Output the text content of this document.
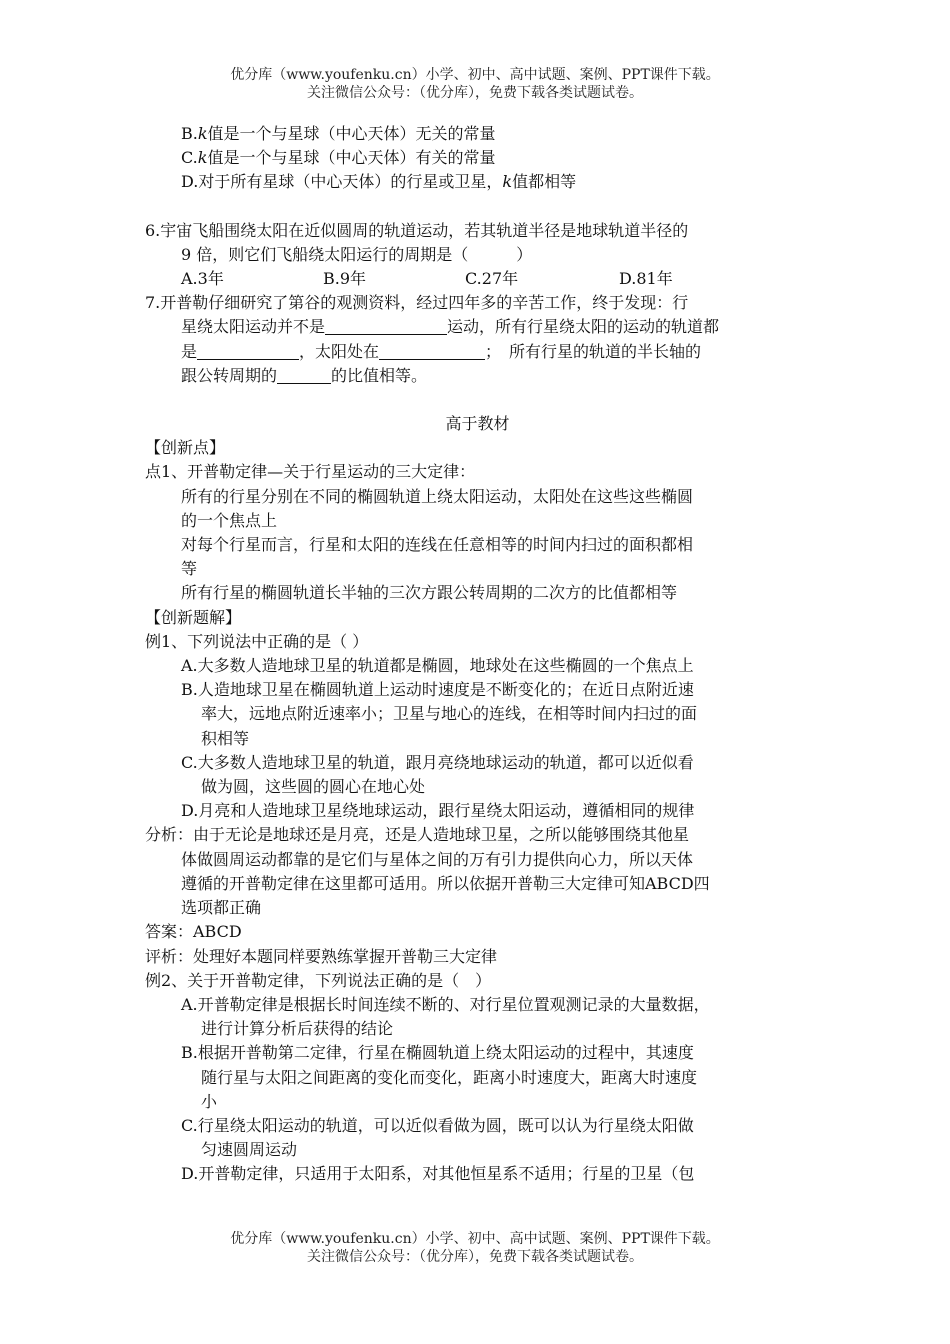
优分库（www.youfenku.cn）小学、初中、高中试题、案例、PPT课件下载。
关注微信公众号：（优分库），免费下载各类试题试卷。
B.k值是一个与星球（中心天体）无关的常量
C.k值是一个与星球（中心天体）有关的常量
D.对于所有星球（中心天体）的行星或卫星，k值都相等
6.宇宙飞船围绕太阳在近似圆周的轨道运动，若其轨道半径是地球轨道半径的
9 倍，则它们飞船绕太阳运行的周期是（　　　）
A.3年	B.9年	C.27年	D.81年
7.开普勒仔细研究了第谷的观测资料，经过四年多的辛苦工作，终于发现：行
星绕太阳运动并不是	运动，所有行星绕太阳的运动的轨道都
是	，太阳处在	；　所有行星的轨道的半长轴的
跟公转周期的	的比值相等。
高于教材
【创新点】
点1、开普勒定律—关于行星运动的三大定律：
所有的行星分别在不同的椭圆轨道上绕太阳运动，太阳处在这些这些椭圆
的一个焦点上
对每个行星而言，行星和太阳的连线在任意相等的时间内扫过的面积都相
等
所有行星的椭圆轨道长半轴的三次方跟公转周期的二次方的比值都相等
【创新题解】
例1、下列说法中正确的是（ ）
A.大多数人造地球卫星的轨道都是椭圆，地球处在这些椭圆的一个焦点上
B.人造地球卫星在椭圆轨道上运动时速度是不断变化的；在近日点附近速
率大，远地点附近速率小；卫星与地心的连线，在相等时间内扫过的面
积相等
C.大多数人造地球卫星的轨道，跟月亮绕地球运动的轨道，都可以近似看
做为圆，这些圆的圆心在地心处
D.月亮和人造地球卫星绕地球运动，跟行星绕太阳运动，遵循相同的规律
分析：由于无论是地球还是月亮，还是人造地球卫星，之所以能够围绕其他星
体做圆周运动都靠的是它们与星体之间的万有引力提供向心力，所以天体
遵循的开普勒定律在这里都可适用。所以依据开普勒三大定律可知ABCD四
选项都正确
答案：ABCD
评析：处理好本题同样要熟练掌握开普勒三大定律
例2、关于开普勒定律，下列说法正确的是（　）
A.开普勒定律是根据长时间连续不断的、对行星位置观测记录的大量数据，
进行计算分析后获得的结论
B.根据开普勒第二定律，行星在椭圆轨道上绕太阳运动的过程中，其速度
随行星与太阳之间距离的变化而变化，距离小时速度大，距离大时速度
小
C.行星绕太阳运动的轨道，可以近似看做为圆，既可以认为行星绕太阳做
匀速圆周运动
D.开普勒定律，只适用于太阳系，对其他恒星系不适用；行星的卫星（包
优分库（www.youfenku.cn）小学、初中、高中试题、案例、PPT课件下载。
关注微信公众号：（优分库），免费下载各类试题试卷。
